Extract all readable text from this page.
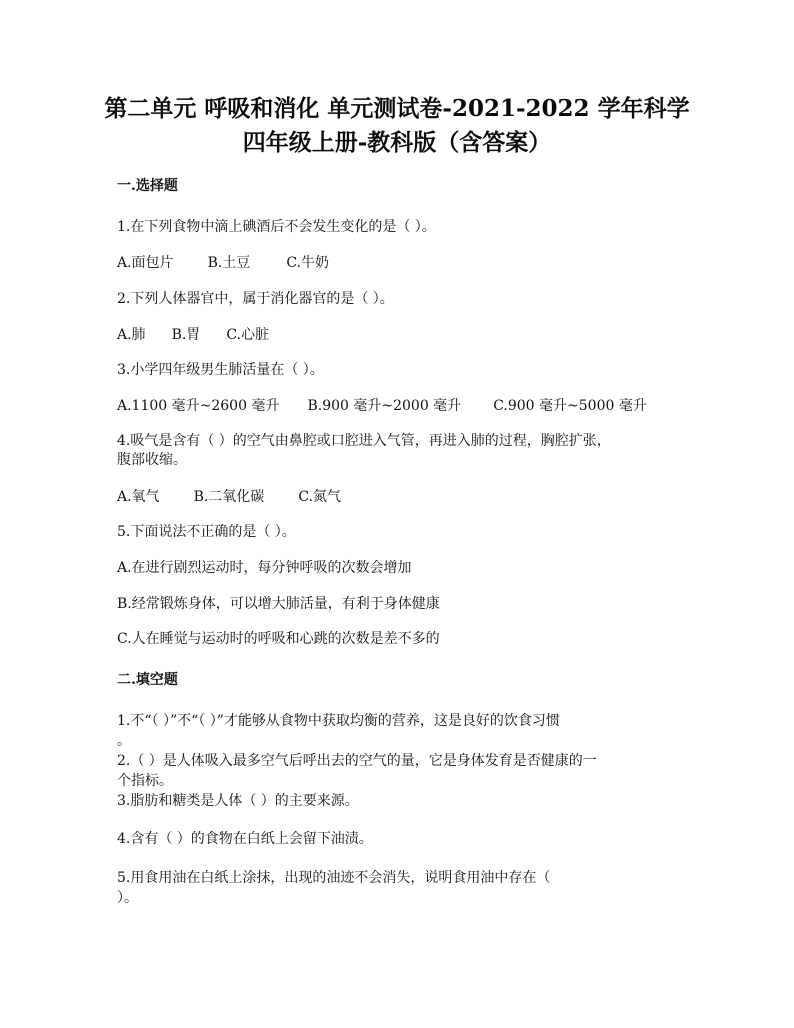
第二单元 呼吸和消化 单元测试卷-2021-2022 学年科学
四年级上册-教科版（含答案）
一.选择题
1.在下列食物中滴上碘酒后不会发生变化的是（ ）。
A.面包片 B.土豆	C.牛奶
2.下列人体器官中，属于消化器官的是（ ）。
A.肺 B.胃 C.心脏
3.小学四年级男生肺活量在（ ）。
A.1100 毫升~2600 毫升 B.900 毫升~2000 毫升 C.900 毫升~5000 毫升
4.吸气是含有（ ）的空气由鼻腔或口腔进入气管，再进入肺的过程，胸腔扩张，
腹部收缩。
A.氧气 B.二氧化碳 C.氮气
5.下面说法不正确的是（ ）。
A.在进行剧烈运动时，每分钟呼吸的次数会增加
B.经常锻炼身体，可以增大肺活量，有利于身体健康
C.人在睡觉与运动时的呼吸和心跳的次数是差不多的
二.填空题
1.不“（ ）”不“（ ）”才能够从食物中获取均衡的营养，这是良好的饮食习惯
。
2.（ ）是人体吸入最多空气后呼出去的空气的量，它是身体发育是否健康的一
个指标。
3.脂肪和糖类是人体（ ）的主要来源。
4.含有（ ）的食物在白纸上会留下油渍。
5.用食用油在白纸上涂抹，出现的油迹不会消失，说明食用油中存在（
）。
